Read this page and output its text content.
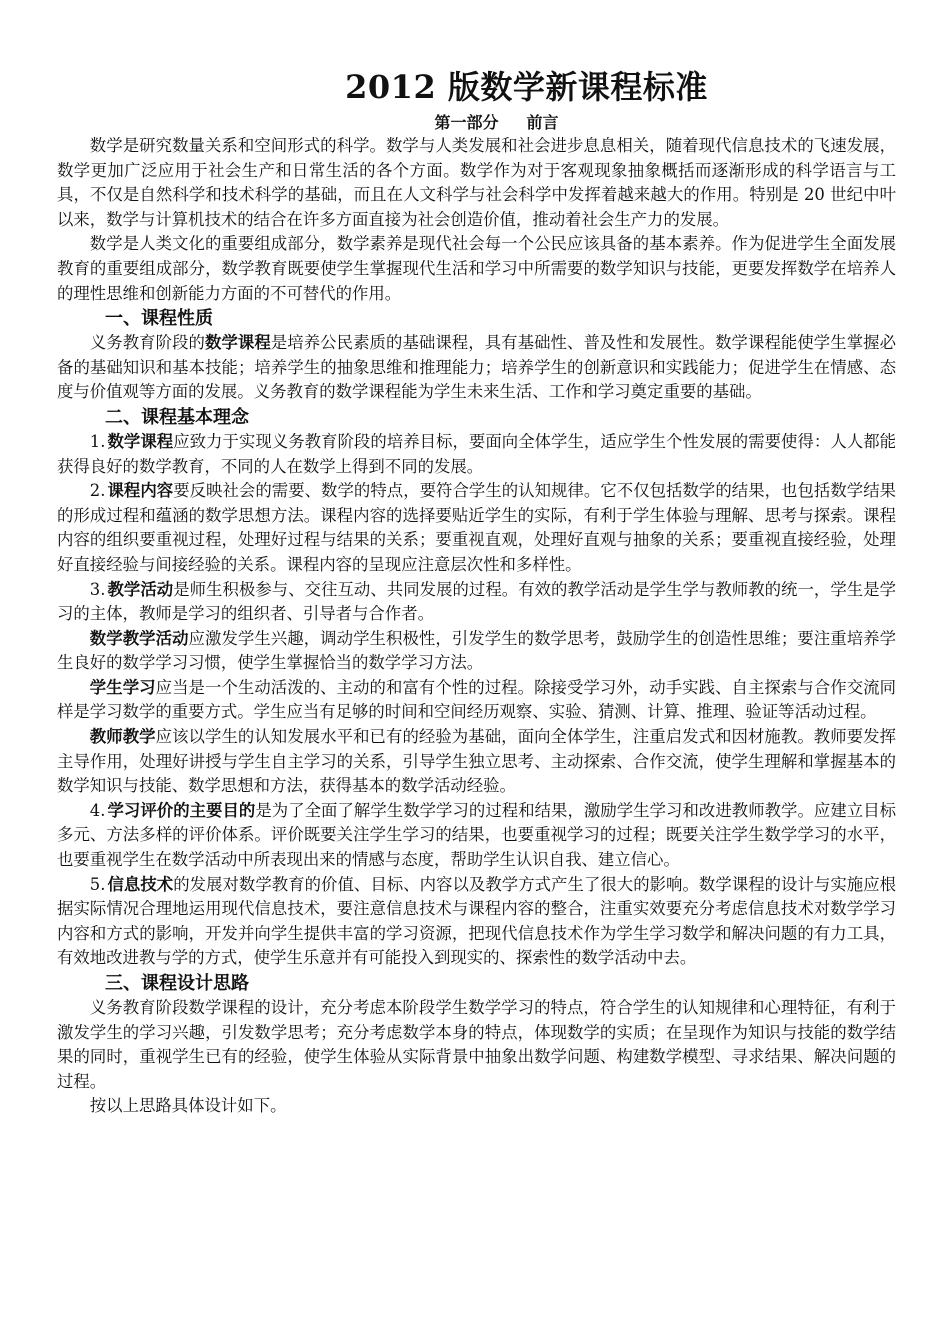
2012 版数学新课程标准
第一部分 前言

数学是研究数量关系和空间形式的科学。数学与人类发展和社会进步息息相关，随着现代信息技术的飞速发展，数学更加广泛应用于社会生产和日常生活的各个方面。数学作为对于客观现象抽象概括而逐渐形成的科学语言与工具，不仅是自然科学和技术科学的基础，而且在人文科学与社会科学中发挥着越来越大的作用。特别是 20 世纪中叶以来，数学与计算机技术的结合在许多方面直接为社会创造价值，推动着社会生产力的发展。

数学是人类文化的重要组成部分，数学素养是现代社会每一个公民应该具备的基本素养。作为促进学生全面发展教育的重要组成部分，数学教育既要使学生掌握现代生活和学习中所需要的数学知识与技能，更要发挥数学在培养人的理性思维和创新能力方面的不可替代的作用。

一、课程性质

义务教育阶段的数学课程是培养公民素质的基础课程，具有基础性、普及性和发展性。数学课程能使学生掌握必备的基础知识和基本技能；培养学生的抽象思维和推理能力；培养学生的创新意识和实践能力；促进学生在情感、态度与价值观等方面的发展。义务教育的数学课程能为学生未来生活、工作和学习奠定重要的基础。

二、课程基本理念

1. 数学课程应致力于实现义务教育阶段的培养目标，要面向全体学生，适应学生个性发展的需要使得：人人都能获得良好的数学教育，不同的人在数学上得到不同的发展。

2. 课程内容要反映社会的需要、数学的特点，要符合学生的认知规律。它不仅包括数学的结果，也包括数学结果的形成过程和蕴涵的数学思想方法。课程内容的选择要贴近学生的实际，有利于学生体验与理解、思考与探索。课程内容的组织要重视过程，处理好过程与结果的关系；要重视直观，处理好直观与抽象的关系；要重视直接经验，处理好直接经验与间接经验的关系。课程内容的呈现应注意层次性和多样性。

3. 教学活动是师生积极参与、交往互动、共同发展的过程。有效的教学活动是学生学与教师教的统一，学生是学习的主体，教师是学习的组织者、引导者与合作者。

数学教学活动应激发学生兴趣，调动学生积极性，引发学生的数学思考，鼓励学生的创造性思维；要注重培养学生良好的数学学习习惯，使学生掌握恰当的数学学习方法。

学生学习应当是一个生动活泼的、主动的和富有个性的过程。除接受学习外，动手实践、自主探索与合作交流同样是学习数学的重要方式。学生应当有足够的时间和空间经历观察、实验、猜测、计算、推理、验证等活动过程。

教师教学应该以学生的认知发展水平和已有的经验为基础，面向全体学生，注重启发式和因材施教。教师要发挥主导作用，处理好讲授与学生自主学习的关系，引导学生独立思考、主动探索、合作交流，使学生理解和掌握基本的数学知识与技能、数学思想和方法，获得基本的数学活动经验。

4. 学习评价的主要目的是为了全面了解学生数学学习的过程和结果，激励学生学习和改进教师教学。应建立目标多元、方法多样的评价体系。评价既要关注学生学习的结果，也要重视学习的过程；既要关注学生数学学习的水平，也要重视学生在数学活动中所表现出来的情感与态度，帮助学生认识自我、建立信心。

5. 信息技术的发展对数学教育的价值、目标、内容以及教学方式产生了很大的影响。数学课程的设计与实施应根据实际情况合理地运用现代信息技术，要注意信息技术与课程内容的整合，注重实效要充分考虑信息技术对数学学习内容和方式的影响，开发并向学生提供丰富的学习资源，把现代信息技术作为学生学习数学和解决问题的有力工具，有效地改进教与学的方式，使学生乐意并有可能投入到现实的、探索性的数学活动中去。

三、课程设计思路

义务教育阶段数学课程的设计，充分考虑本阶段学生数学学习的特点，符合学生的认知规律和心理特征，有利于激发学生的学习兴趣，引发数学思考；充分考虑数学本身的特点，体现数学的实质；在呈现作为知识与技能的数学结果的同时，重视学生已有的经验，使学生体验从实际背景中抽象出数学问题、构建数学模型、寻求结果、解决问题的过程。

按以上思路具体设计如下。
